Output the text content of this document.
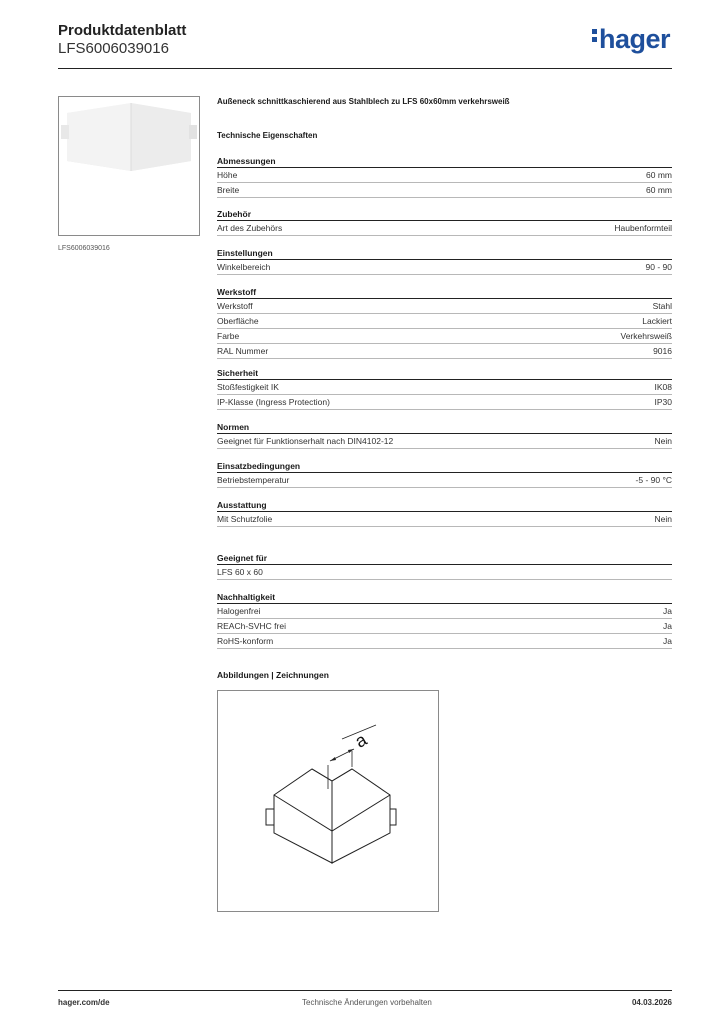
Produktdatenblatt
LFS6006039016	hager
LFS6006039016
Außeneck schnittkaschierend aus Stahlblech zu LFS 60x60mm verkehrsweiß
Technische Eigenschaften
Abmessungen
Höhe	60 mm
Breite	60 mm
Zubehör
Art des Zubehörs	Haubenformteil
Einstellungen
Winkelbereich	90 - 90
Werkstoff
Werkstoff	Stahl
Oberfläche	Lackiert
Farbe	Verkehrsweiß
RAL Nummer	9016
Sicherheit
Stoßfestigkeit IK	IK08
IP-Klasse (Ingress Protection)	IP30
Normen
Geeignet für Funktionserhalt nach DIN4102-12	Nein
Einsatzbedingungen
Betriebstemperatur	-5 - 90 °C
Ausstattung
Mit Schutzfolie	Nein
Geeignet für
LFS 60 x 60
Nachhaltigkeit
Halogenfrei	Ja
REACh-SVHC frei	Ja
RoHS-konform	Ja
Abbildungen | Zeichnungen
a
hager.com/de	Technische Änderungen vorbehalten	04.03.2026
